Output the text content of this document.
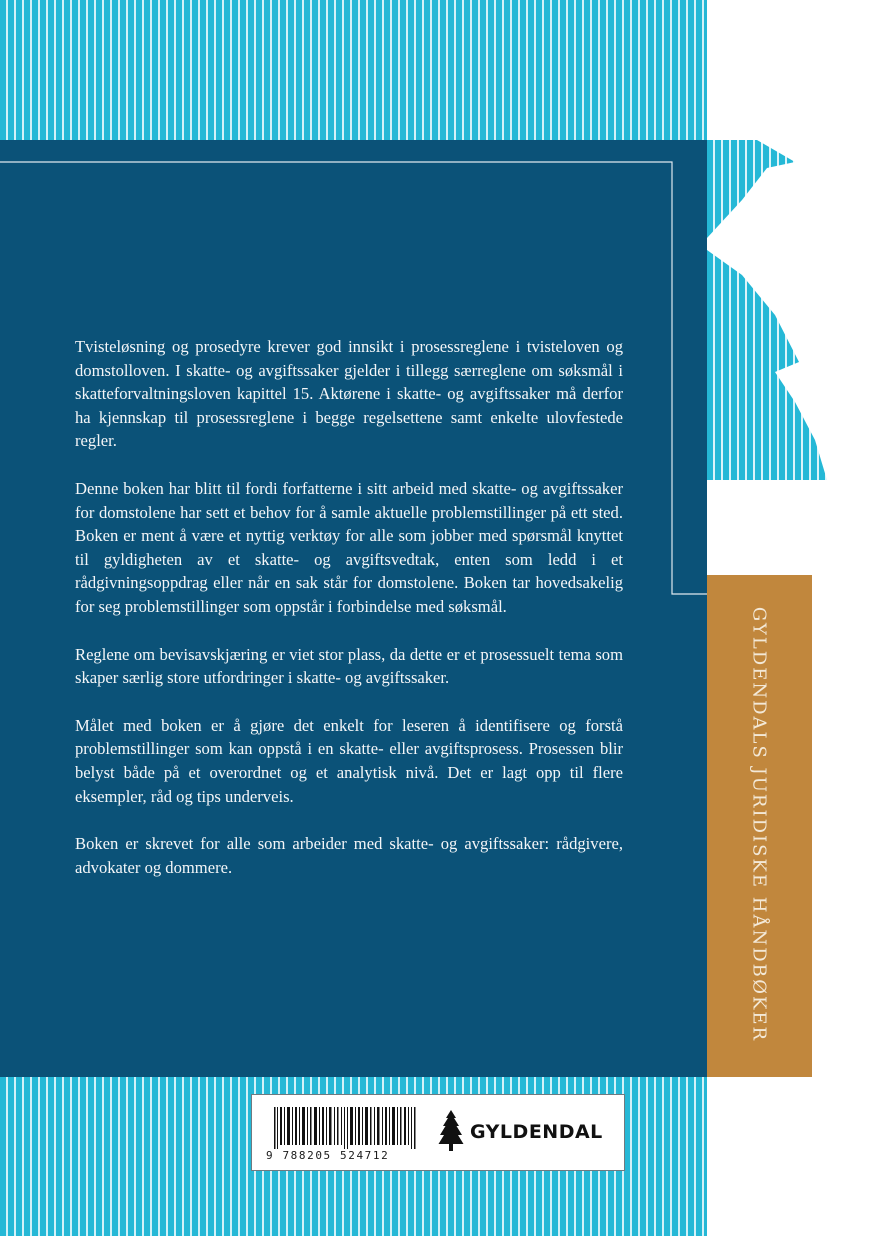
Tvisteløsning og prosedyre krever god innsikt i prosessreglene i tvisteloven og domstolloven. I skatte- og avgiftssaker gjelder i tillegg særreglene om søksmål i skatteforvaltningsloven kapittel 15. Aktørene i skatte- og avgiftssaker må derfor ha kjennskap til prosessreglene i begge regelsettene samt enkelte ulovfestede regler.

Denne boken har blitt til fordi forfatterne i sitt arbeid med skatte- og avgiftssaker for domstolene har sett et behov for å samle aktuelle problemstillinger på ett sted. Boken er ment å være et nyttig verktøy for alle som jobber med spørsmål knyttet til gyldigheten av et skatte- og avgiftsvedtak, enten som ledd i et rådgivningsoppdrag eller når en sak står for domstolene. Boken tar hovedsakelig for seg problemstillinger som oppstår i forbindelse med søksmål.

Reglene om bevisavskjæring er viet stor plass, da dette er et prosessuelt tema som skaper særlig store utfordringer i skatte- og avgiftssaker.

Målet med boken er å gjøre det enkelt for leseren å identifisere og forstå problemstillinger som kan oppstå i en skatte- eller avgiftsprosess. Prosessen blir belyst både på et overordnet og et analytisk nivå. Det er lagt opp til flere eksempler, råd og tips underveis.

Boken er skrevet for alle som arbeider med skatte- og avgiftssaker: rådgivere, advokater og dommere.	GYLDENDALS JURIDISKE HÅNDBØKER
9 788205 524712
GYLDENDAL
